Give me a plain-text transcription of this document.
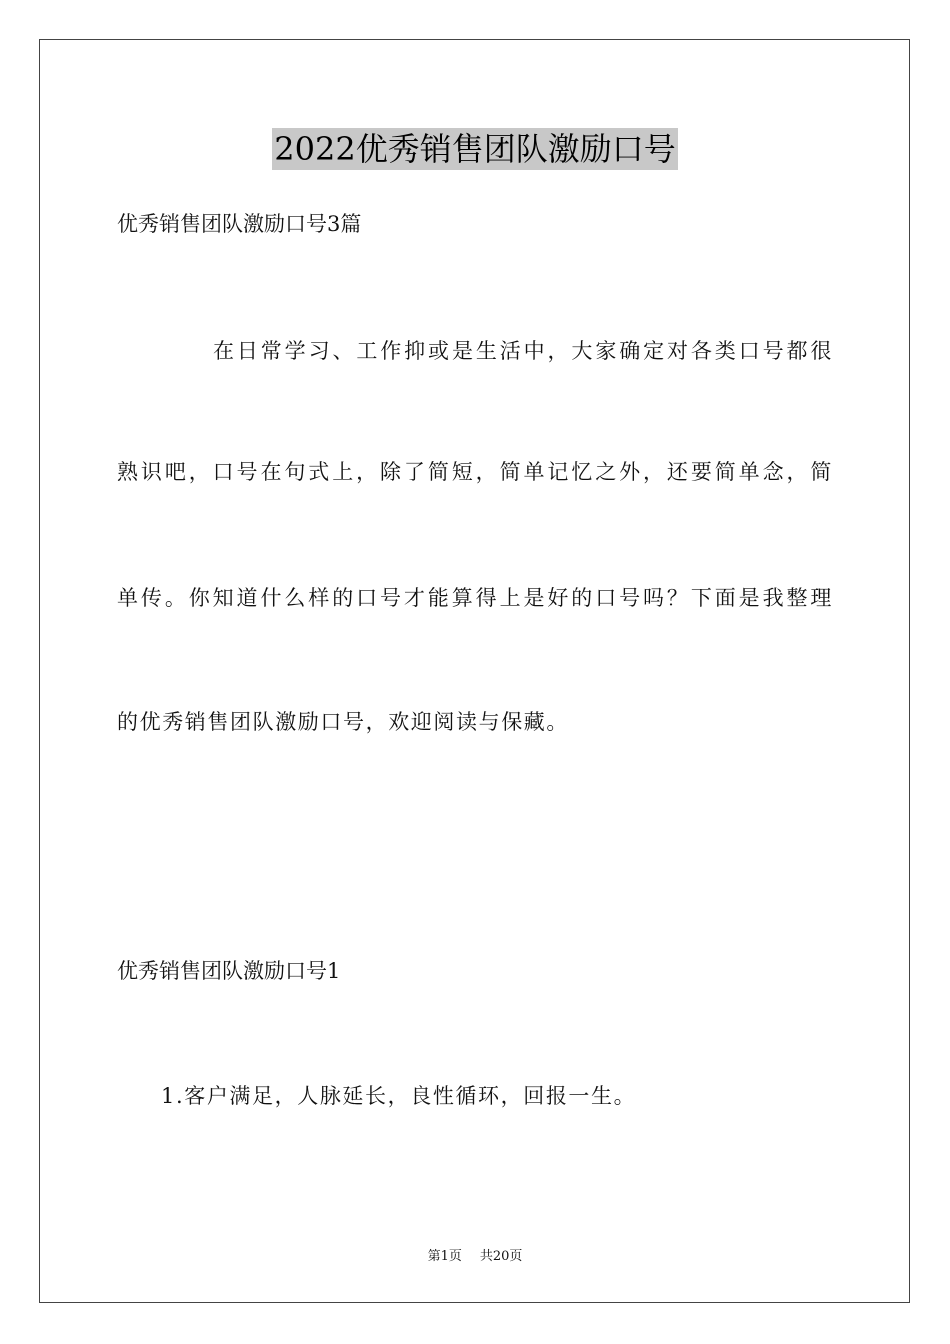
2022优秀销售团队激励口号
优秀销售团队激励口号3篇
在日常学习、工作抑或是生活中，大家确定对各类口号都很
熟识吧，口号在句式上，除了简短，简单记忆之外，还要简单念，简
单传。你知道什么样的口号才能算得上是好的口号吗？下面是我整理
的优秀销售团队激励口号，欢迎阅读与保藏。
优秀销售团队激励口号1
1.客户满足，人脉延长，良性循环，回报一生。
第1页 共20页
